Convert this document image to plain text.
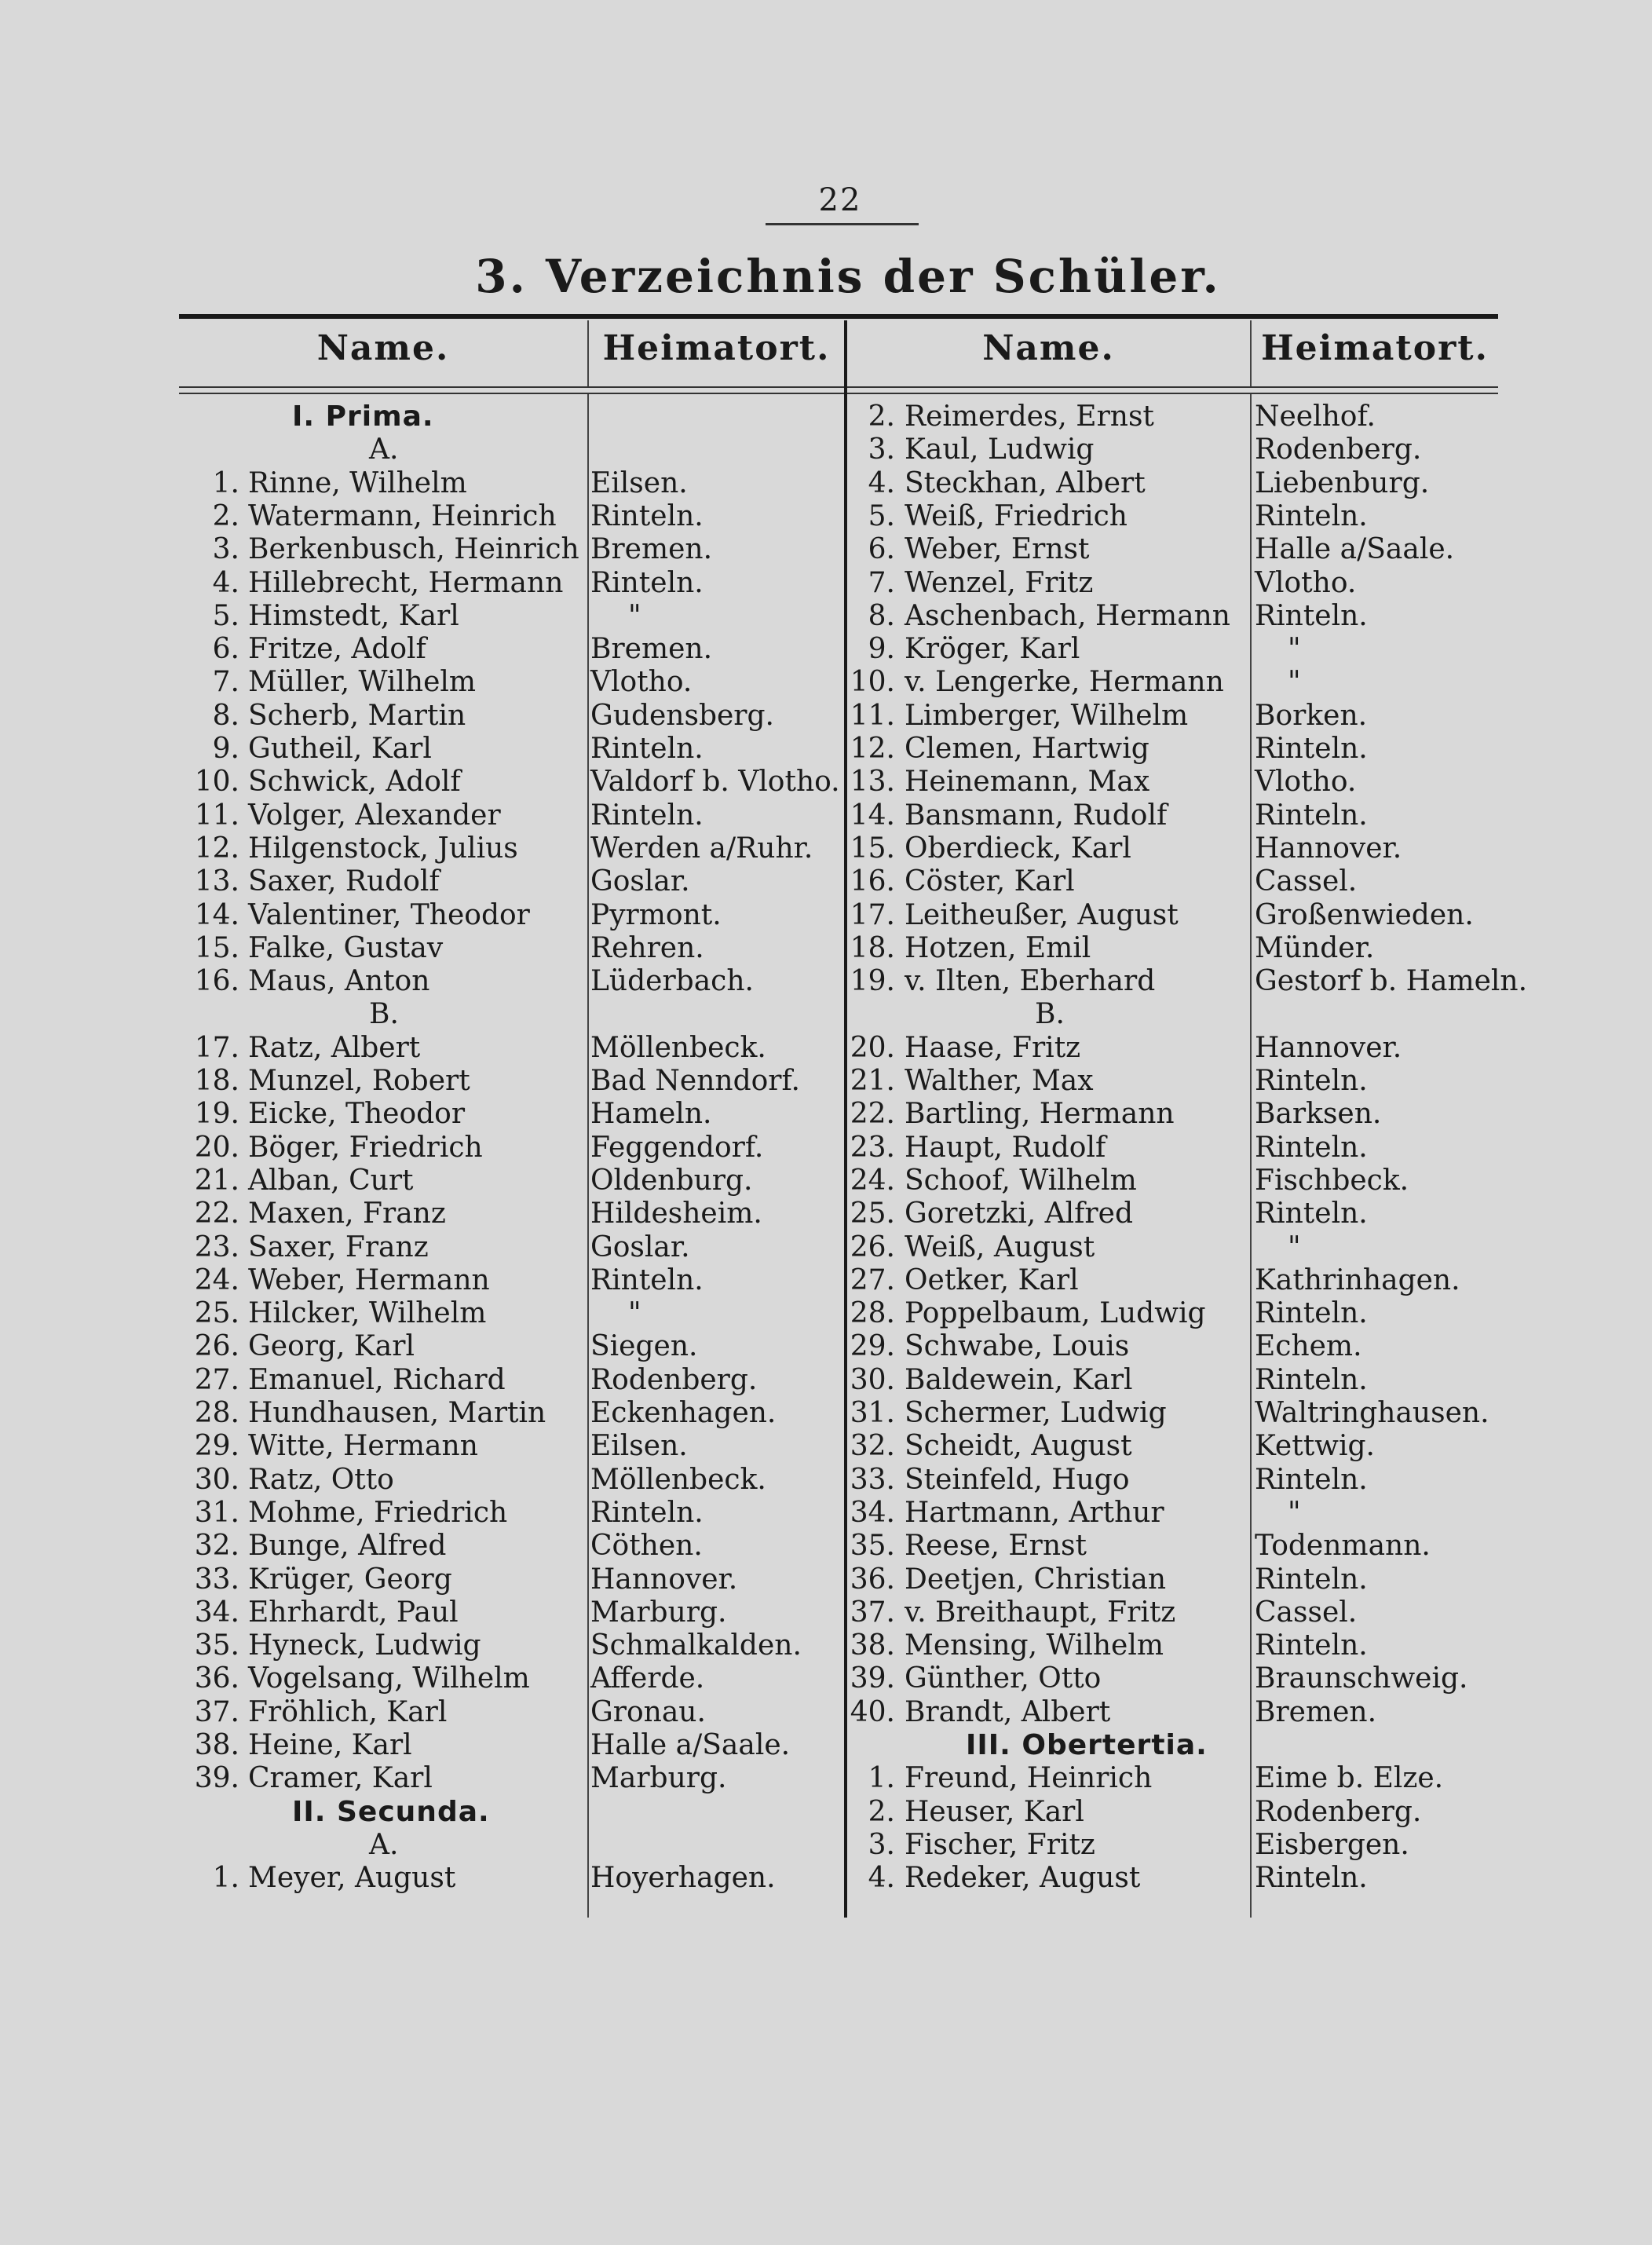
22
3. Verzeichnis der Schüler.
Name.	Heimatort.	Name.	Heimatort.
I. Prima.
A.
1. Rinne, Wilhelm	Eilsen.
2. Watermann, Heinrich Rinteln.
3. Berkenbusch, Heinrich Bremen.
4. Hillebrecht, Hermann Rinteln.
5. Himstedt, Karl	"
6. Fritze, Adolf	Bremen.
7. Müller, Wilhelm	Vlotho.
8. Scherb, Martin	Gudensberg.
9. Gutheil, Karl	Rinteln.
10. Schwick, Adolf	Valdorf b. Vlotho.
11. Volger, Alexander	Rinteln.
12. Hilgenstock, Julius	Werden a/Ruhr.
13. Saxer, Rudolf	Goslar.
14. Valentiner, Theodor Pyrmont.
15. Falke, Gustav	Rehren.
16. Maus, Anton	Lüderbach.
B.
17. Ratz, Albert	Möllenbeck.
18. Munzel, Robert	Bad Nenndorf.
19. Eicke, Theodor	Hameln.
20. Böger, Friedrich	Feggendorf.
21. Alban, Curt	Oldenburg.
22. Maxen, Franz	Hildesheim.
23. Saxer, Franz	Goslar.
24. Weber, Hermann	Rinteln.
25. Hilcker, Wilhelm	"
26. Georg, Karl	Siegen.
27. Emanuel, Richard	Rodenberg.
28. Hundhausen, Martin Eckenhagen.
29. Witte, Hermann	Eilsen.
30. Ratz, Otto	Möllenbeck.
31. Mohme, Friedrich	Rinteln.
32. Bunge, Alfred	Cöthen.
33. Krüger, Georg	Hannover.
34. Ehrhardt, Paul	Marburg.
35. Hyneck, Ludwig	Schmalkalden.
36. Vogelsang, Wilhelm Afferde.
37. Fröhlich, Karl	Gronau.
38. Heine, Karl	Halle a/Saale.
39. Cramer, Karl	Marburg.
II. Secunda.
A.
1. Meyer, August	Hoyerhagen.
2. Reimerdes, Ernst	Neelhof.
3. Kaul, Ludwig	Rodenberg.
4. Steckhan, Albert	Liebenburg.
5. Weiß, Friedrich	Rinteln.
6. Weber, Ernst	Halle a/Saale.
7. Wenzel, Fritz	Vlotho.
8. Aschenbach, Hermann Rinteln.
9. Kröger, Karl	"
10. v. Lengerke, Hermann "
11. Limberger, Wilhelm Borken.
12. Clemen, Hartwig	Rinteln.
13. Heinemann, Max	Vlotho.
14. Bansmann, Rudolf	Rinteln.
15. Oberdieck, Karl	Hannover.
16. Cöster, Karl	Cassel.
17. Leitheußer, August	Großenwieden.
18. Hotzen, Emil	Münder.
19. v. Ilten, Eberhard	Gestorf b. Hameln.
B.
20. Haase, Fritz	Hannover.
21. Walther, Max	Rinteln.
22. Bartling, Hermann	Barksen.
23. Haupt, Rudolf	Rinteln.
24. Schoof, Wilhelm	Fischbeck.
25. Goretzki, Alfred	Rinteln.
26. Weiß, August	"
27. Oetker, Karl	Kathrinhagen.
28. Poppelbaum, Ludwig Rinteln.
29. Schwabe, Louis	Echem.
30. Baldewein, Karl	Rinteln.
31. Schermer, Ludwig	Waltringhausen.
32. Scheidt, August	Kettwig.
33. Steinfeld, Hugo	Rinteln.
34. Hartmann, Arthur	"
35. Reese, Ernst	Todenmann.
36. Deetjen, Christian	Rinteln.
37. v. Breithaupt, Fritz	Cassel.
38. Mensing, Wilhelm	Rinteln.
39. Günther, Otto	Braunschweig.
40. Brandt, Albert	Bremen.
III. Obertertia.
1. Freund, Heinrich	Eime b. Elze.
2. Heuser, Karl	Rodenberg.
3. Fischer, Fritz	Eisbergen.
4. Redeker, August	Rinteln.
